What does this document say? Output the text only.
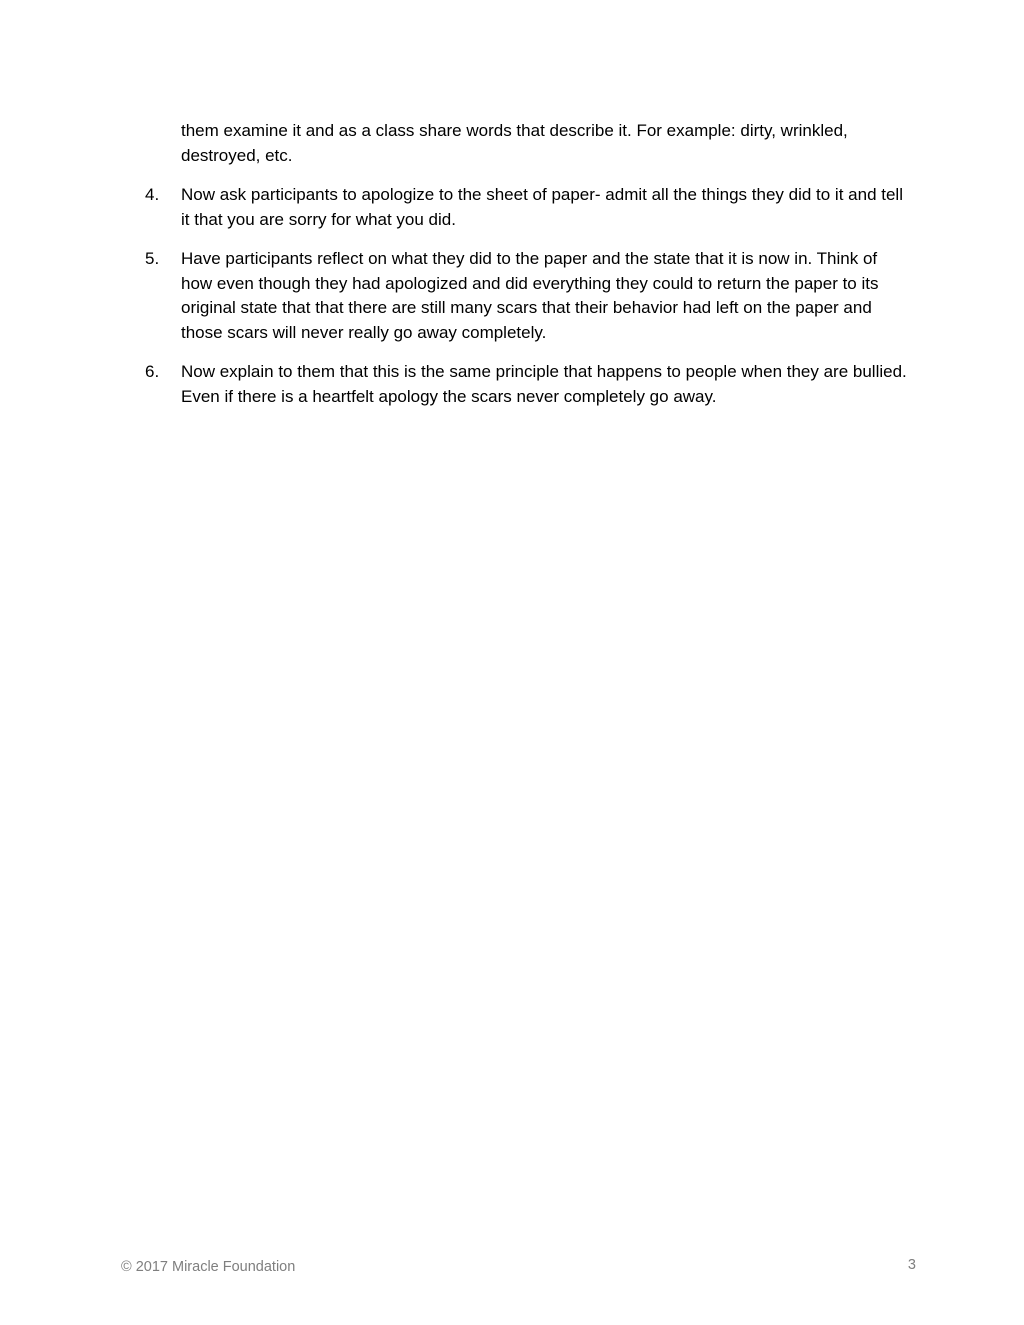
them examine it and as a class share words that describe it. For example: dirty, wrinkled, destroyed, etc.

4.	Now ask participants to apologize to the sheet of paper- admit all the things they did to it and tell it that you are sorry for what you did.
5.	Have participants reflect on what they did to the paper and the state that it is now in. Think of how even though they had apologized and did everything they could to return the paper to its original state that that there are still many scars that their behavior had left on the paper and those scars will never really go away completely.
6.	Now explain to them that this is the same principle that happens to people when they are bullied. Even if there is a heartfelt apology the scars never completely go away.
© 2017 Miracle Foundation	3
